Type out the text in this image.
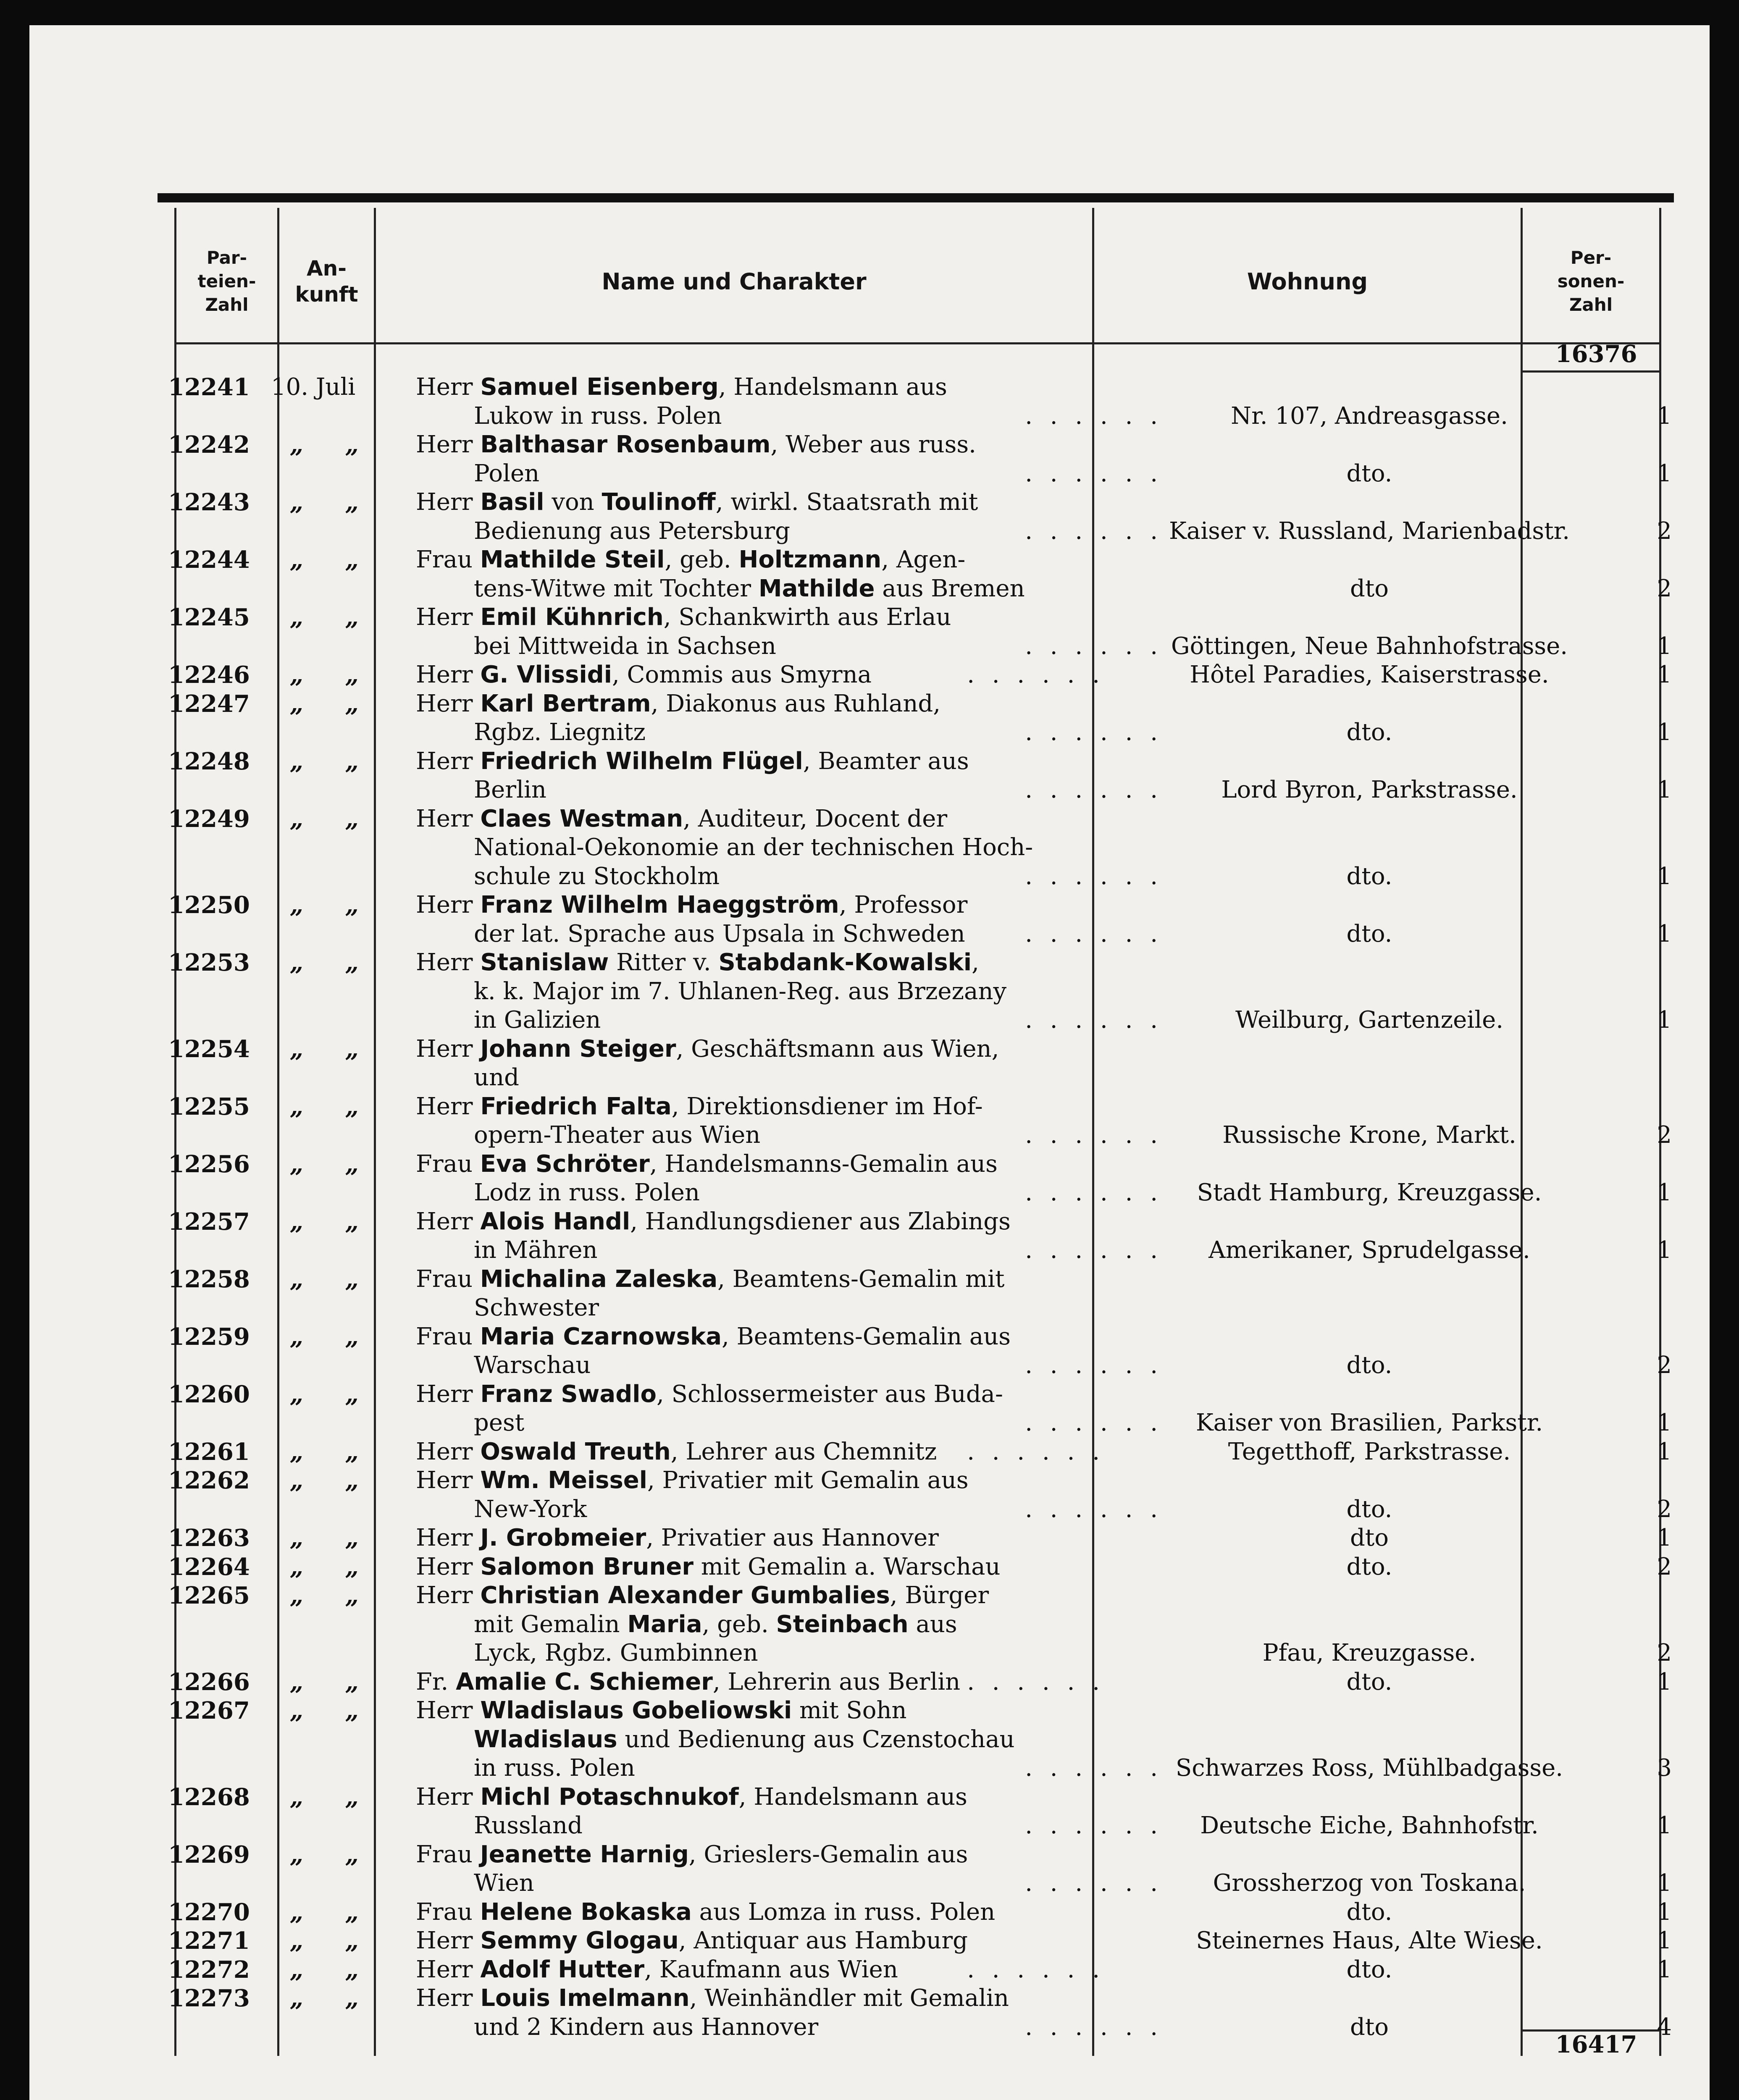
Par-
teien-
Zahl
An-
kunft	Name und Charakter	Wohnung
Per-
sonen-
Zahl
16376
12241 10. Juli	Herr Samuel Eisenberg, Handelsmann aus
Lukow in russ. Polen	. . . . . .	Nr. 107, Andreasgasse.	1
12242	„ „ Herr Balthasar Rosenbaum, Weber aus russ.
Polen	. . . . . .	dto.	1
12243	„ „ Herr Basil von Toulinoff, wirkl. Staatsrath mit
Bedienung aus Petersburg	. . . . . . Kaiser v. Russland, Marienbadstr.	2
12244	„ „ Frau Mathilde Steil, geb. Holtzmann, Agen-
tens-Witwe mit Tochter Mathilde aus Bremen	dto	2
12245	„ „ Herr Emil Kühnrich, Schankwirth aus Erlau
bei Mittweida in Sachsen	. . . . . . Göttingen, Neue Bahnhofstrasse.	1
12246	„ „ Herr G. Vlissidi, Commis aus Smyrna	. . . . . .	Hôtel Paradies, Kaiserstrasse.	1
12247	„ „ Herr Karl Bertram, Diakonus aus Ruhland,
Rgbz. Liegnitz	. . . . . .	dto.	1
12248	„ „ Herr Friedrich Wilhelm Flügel, Beamter aus
Berlin	. . . . . .	Lord Byron, Parkstrasse.	1
12249	„ „ Herr Claes Westman, Auditeur, Docent der
National-Oekonomie an der technischen Hoch-
schule zu Stockholm	. . . . . .	dto.	1
12250	„ „ Herr Franz Wilhelm Haeggström, Professor
der lat. Sprache aus Upsala in Schweden	. . . . . .	dto.	1
12253	„ „ Herr Stanislaw Ritter v. Stabdank-Kowalski,
k. k. Major im 7. Uhlanen-Reg. aus Brzezany
in Galizien	. . . . . .	Weilburg, Gartenzeile.	1
12254	„ „ Herr Johann Steiger, Geschäftsmann aus Wien,
und
12255	„ „ Herr Friedrich Falta, Direktionsdiener im Hof-
opern-Theater aus Wien	. . . . . .	Russische Krone, Markt.	2
12256	„ „ Frau Eva Schröter, Handelsmanns-Gemalin aus
Lodz in russ. Polen	. . . . . .	Stadt Hamburg, Kreuzgasse.	1
12257	„ „ Herr Alois Handl, Handlungsdiener aus Zlabings
in Mähren	. . . . . .	Amerikaner, Sprudelgasse.	1
12258	„ „ Frau Michalina Zaleska, Beamtens-Gemalin mit
Schwester
12259	„ „ Frau Maria Czarnowska, Beamtens-Gemalin aus
Warschau	. . . . . .	dto.	2
12260	„ „ Herr Franz Swadlo, Schlossermeister aus Buda-
pest	. . . . . .	Kaiser von Brasilien, Parkstr.	1
12261	„ „ Herr Oswald Treuth, Lehrer aus Chemnitz . . . . . .	Tegetthoff, Parkstrasse.	1
12262	„ „ Herr Wm. Meissel, Privatier mit Gemalin aus
New-York	. . . . . .	dto.	2
12263	„ „ Herr J. Grobmeier, Privatier aus Hannover	dto	1
12264	„ „ Herr Salomon Bruner mit Gemalin a. Warschau	dto.	2
12265	„ „ Herr Christian Alexander Gumbalies, Bürger
mit Gemalin Maria, geb. Steinbach aus
Lyck, Rgbz. Gumbinnen	Pfau, Kreuzgasse.	2
12266	„ „ Fr. Amalie C. Schiemer, Lehrerin aus Berlin . . . . . .	dto.	1
12267	„ „ Herr Wladislaus Gobeliowski mit Sohn
Wladislaus und Bedienung aus Czenstochau
in russ. Polen	. . . . . . Schwarzes Ross, Mühlbadgasse.	3
12268	„ „ Herr Michl Potaschnukof, Handelsmann aus
Russland	. . . . . .	Deutsche Eiche, Bahnhofstr.	1
12269	„ „ Frau Jeanette Harnig, Grieslers-Gemalin aus
Wien	. . . . . .	Grossherzog von Toskana.	1
12270	„ „ Frau Helene Bokaska aus Lomza in russ. Polen	dto.	1
12271	„ „ Herr Semmy Glogau, Antiquar aus Hamburg	Steinernes Haus, Alte Wiese.	1
12272	„ „ Herr Adolf Hutter, Kaufmann aus Wien	. . . . . .	dto.	1
12273	„ „ Herr Louis Imelmann, Weinhändler mit Gemalin
und 2 Kindern aus Hannover	. . . . . .	dto	4
16417
